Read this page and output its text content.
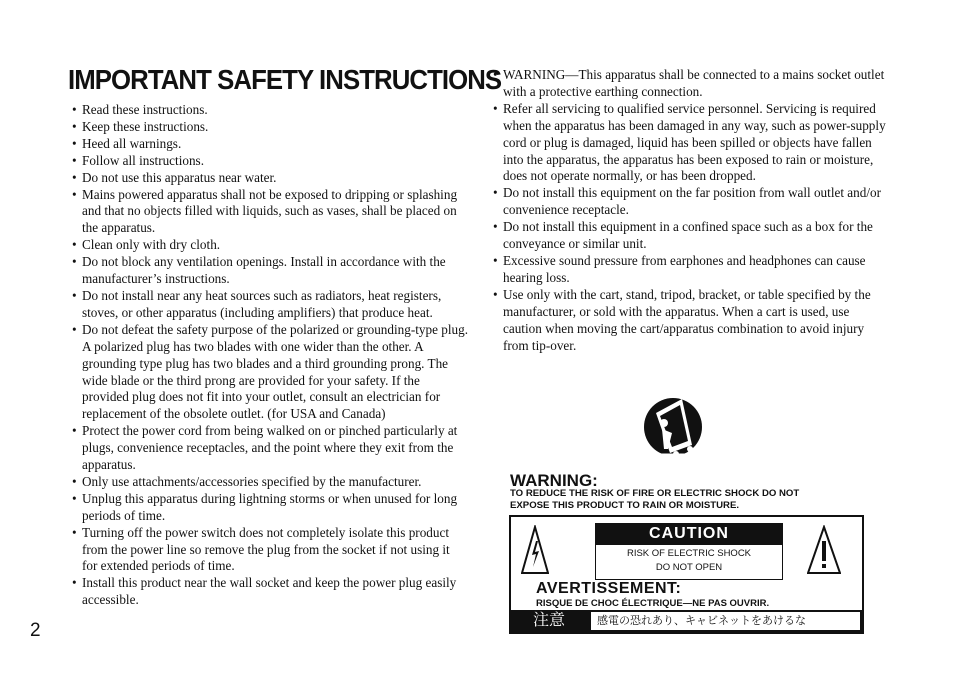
IMPORTANT SAFETY INSTRUCTIONS
• Read these instructions.
• Keep these instructions.
• Heed all warnings.
• Follow all instructions.
• Do not use this apparatus near water.
• Mains powered apparatus shall not be exposed to dripping or splashing and that no objects filled with liquids, such as vases, shall be placed on the apparatus.
• Clean only with dry cloth.
• Do not block any ventilation openings. Install in accordance with the manufacturer’s instructions.
• Do not install near any heat sources such as radiators, heat registers, stoves, or other apparatus (including amplifiers) that produce heat.
• Do not defeat the safety purpose of the polarized or grounding-type plug. A polarized plug has two blades with one wider than the other. A grounding type plug has two blades and a third grounding prong. The wide blade or the third prong are provided for your safety. If the provided plug does not fit into your outlet, consult an electrician for replacement of the obsolete outlet. (for USA and Canada)
• Protect the power cord from being walked on or pinched particularly at plugs, convenience receptacles, and the point where they exit from the apparatus.
• Only use attachments/accessories specified by the manufacturer.
• Unplug this apparatus during lightning storms or when unused for long periods of time.
• Turning off the power switch does not completely isolate this product from the power line so remove the plug from the socket if not using it for extended periods of time.
• Install this product near the wall socket and keep the power plug easily accessible.
• WARNING—This apparatus shall be connected to a mains socket outlet with a protective earthing connection.
• Refer all servicing to qualified service personnel. Servicing is required when the apparatus has been damaged in any way, such as power-supply cord or plug is damaged, liquid has been spilled or objects have fallen into the apparatus, the apparatus has been exposed to rain or moisture, does not operate normally, or has been dropped.
• Do not install this equipment on the far position from wall outlet and/or convenience receptacle.
• Do not install this equipment in a confined space such as a box for the conveyance or similar unit.
• Excessive sound pressure from earphones and headphones can cause hearing loss.
• Use only with the cart, stand, tripod, bracket, or table specified by the manufacturer, or sold with the apparatus. When a cart is used, use caution when moving the cart/apparatus combination to avoid injury from tip-over.
2
WARNING:

TO REDUCE THE RISK OF FIRE OR ELECTRIC SHOCK DO NOT
EXPOSE THIS PRODUCT TO RAIN OR MOISTURE.

CAUTION
RISK OF ELECTRIC SHOCK
DO NOT OPEN
AVERTISSEMENT:
RISQUE DE CHOC ÉLECTRIQUE—NE PAS OUVRIR.
注意	感電の恐れあり、キャビネットをあけるな
